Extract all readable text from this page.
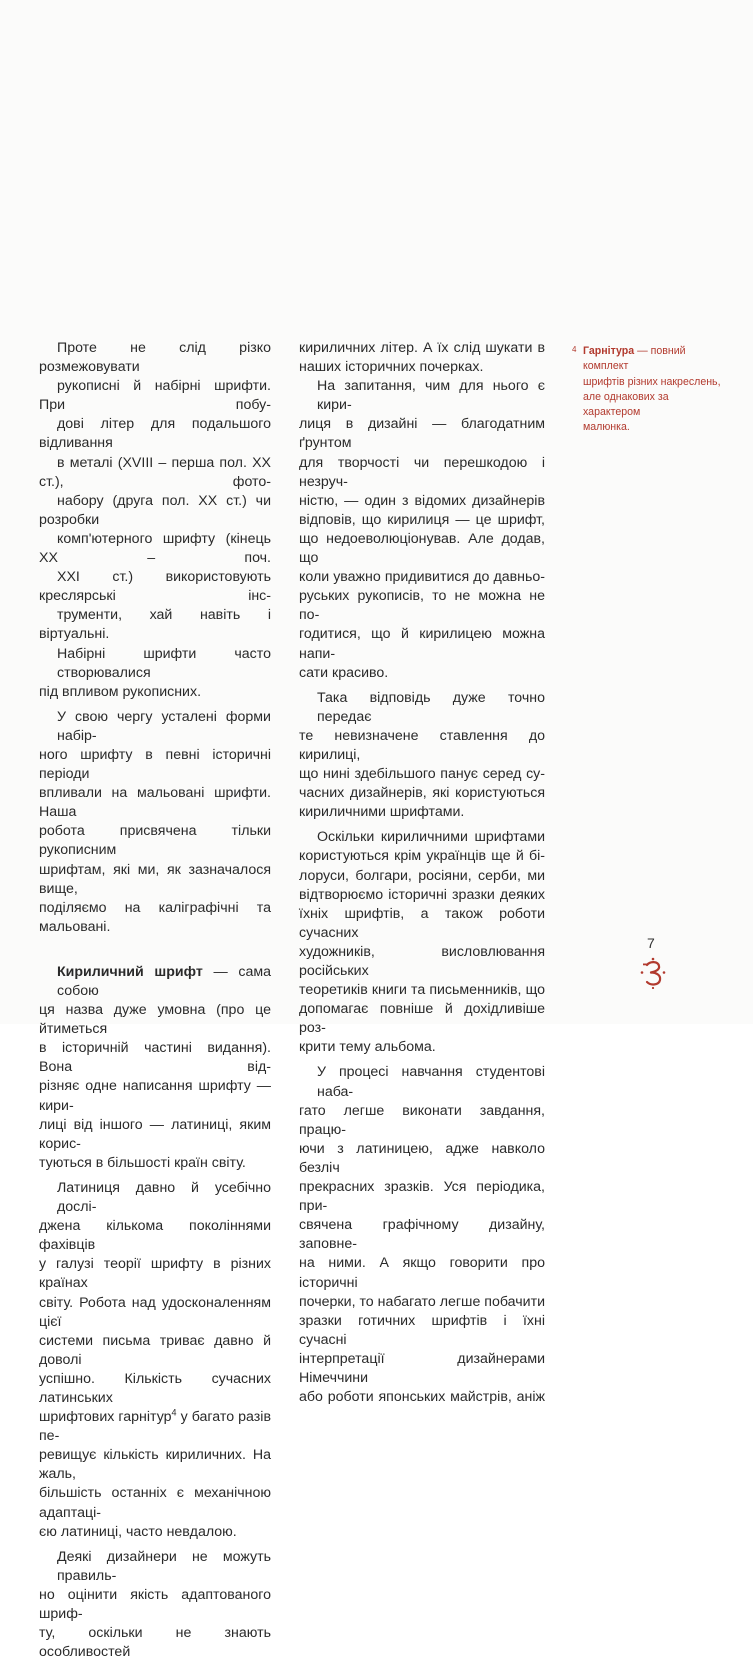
Проте не слід різко розмежовувати
рукописні й набірні шрифти. При побу-
дові літер для подальшого відливання
в металі (XVIII – перша пол. XX ст.), фото-
набору (друга пол. XX ст.) чи розробки
комп'ютерного шрифту (кінець XX – поч.
XXI ст.) використовують креслярські інс-
трументи, хай навіть і віртуальні.

Набірні шрифти часто створювалися
під впливом рукописних.

У свою чергу усталені форми набір-
ного шрифту в певні історичні періоди
впливали на мальовані шрифти. Наша
робота присвячена тільки рукописним
шрифтам, які ми, як зазначалося вище,
поділяємо на каліграфічні та мальовані.

Кириличний шрифт — сама собою
ця назва дуже умовна (про це йтиметься
в історичній частині видання). Вона від-
різняє одне написання шрифту — кири-
лиці від іншого — латиниці, яким корис-
туються в більшості країн світу.

Латиниця давно й усебічно дослі-
джена кількома поколіннями фахівців
у галузі теорії шрифту в різних країнах
світу. Робота над удосконаленням цієї
системи письма триває давно й доволі
успішно. Кількість сучасних латинських
шрифтових гарнітур$^4$ у багато разів пе-
ревищує кількість кириличних. На жаль,
більшість останніх є механічною адаптаці-
єю латиниці, часто невдалою.

Деякі дизайнери не можуть правиль-
но оцінити якість адаптованого шриф-
ту, оскільки не знають особливостей

кириличних літер. А їх слід шукати в
наших історичних почерках.

На запитання, чим для нього є кири-
лиця в дизайні — благодатним ґрунтом
для творчості чи перешкодою і незруч-
ністю, — один з відомих дизайнерів
відповів, що кирилиця — це шрифт,
що недоеволюціонував. Але додав, що
коли уважно придивитися до давньо-
руських рукописів, то не можна не по-
годитися, що й кирилицею можна напи-
сати красиво.

Така відповідь дуже точно передає
те невизначене ставлення до кирилиці,
що нині здебільшого панує серед су-
часних дизайнерів, які користуються
кириличними шрифтами.

Оскільки кириличними шрифтами
користуються крім українців ще й бі-
лоруси, болгари, росіяни, серби, ми
відтворюємо історичні зразки деяких
їхніх шрифтів, а також роботи сучасних
художників, висловлювання російських
теоретиків книги та письменників, що
допомагає повніше й дохідливіше роз-
крити тему альбома.

У процесі навчання студентові наба-
гато легше виконати завдання, працю-
ючи з латиницею, адже навколо безліч
прекрасних зразків. Уся періодика, при-
свячена графічному дизайну, заповне-
на ними. А якщо говорити про історичні
почерки, то набагато легше побачити
зразки готичних шрифтів і їхні сучасні
інтерпретації дизайнерами Німеччини
або роботи японських майстрів, аніж

4 Гарнітура — повний комплект
шрифтів різних накреслень,
але однакових за характером
малюнка.
7
